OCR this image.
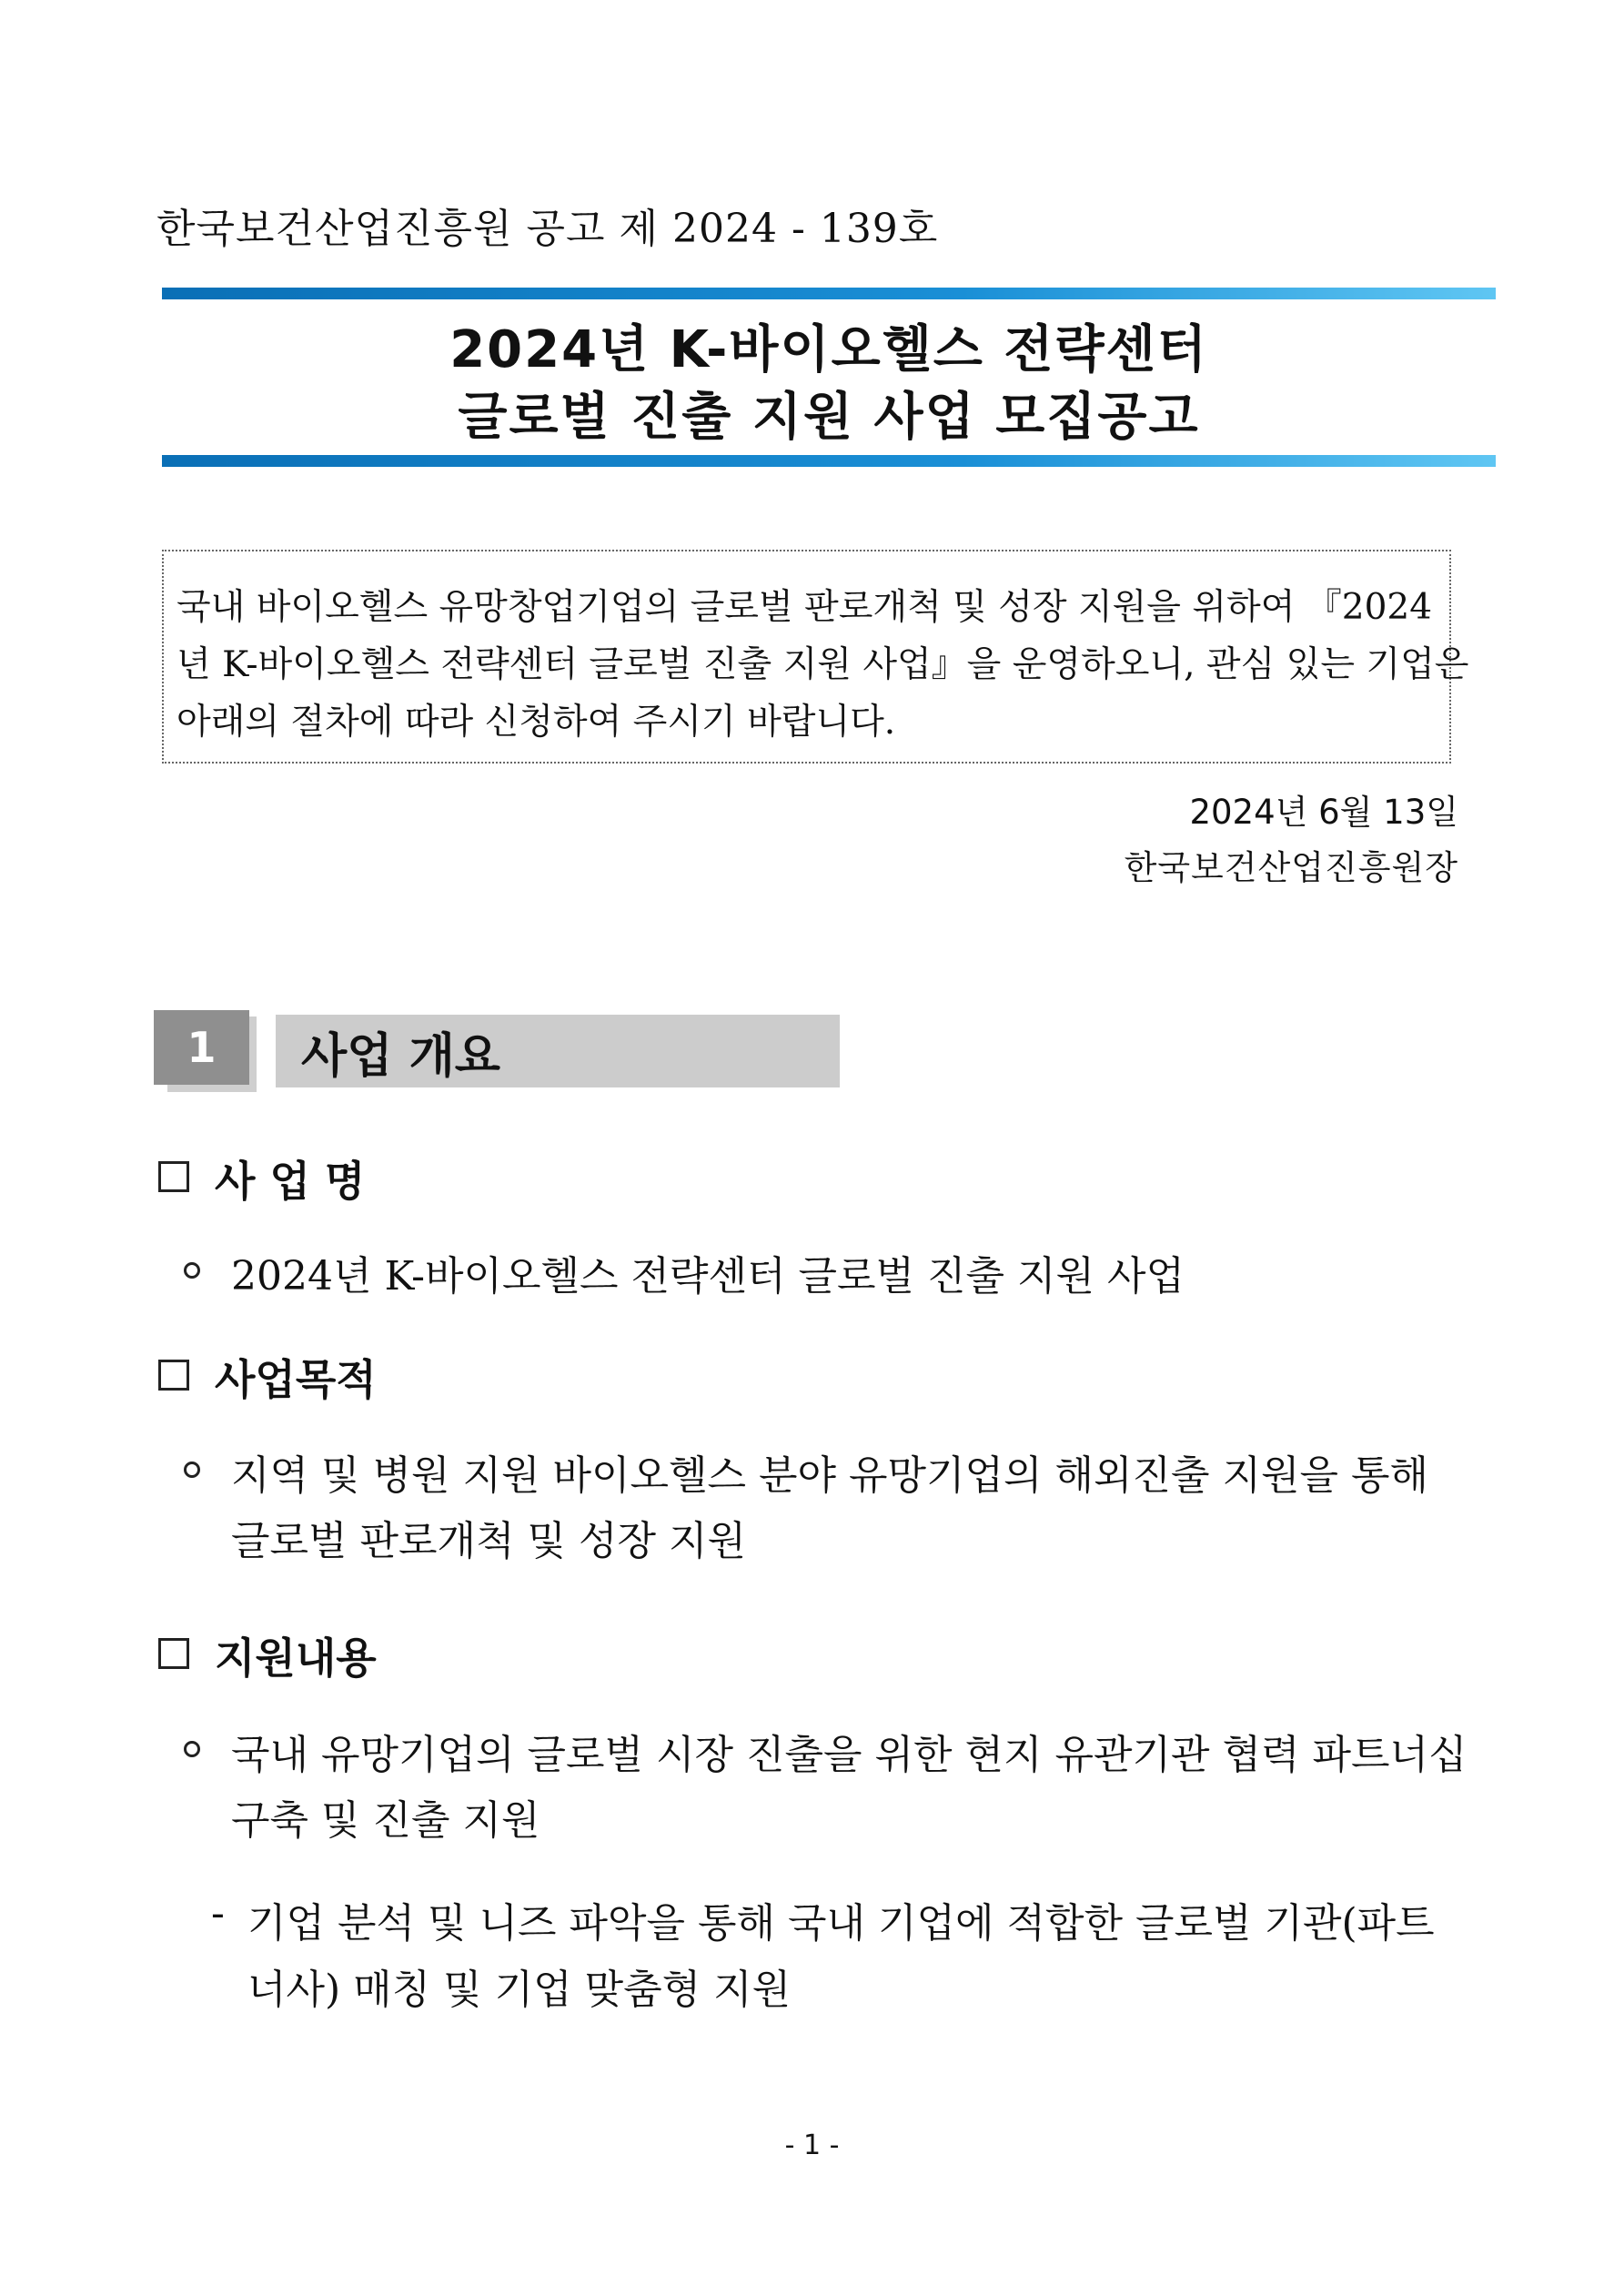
한국보건산업진흥원 공고 제 2024 - 139호
2024년 K-바이오헬스 전략센터
글로벌 진출 지원 사업 모집공고
국내 바이오헬스 유망창업기업의 글로벌 판로개척 및 성장 지원을 위하여 『2024
년 K-바이오헬스 전략센터 글로벌 진출 지원 사업』을 운영하오니, 관심 있는 기업은
아래의 절차에 따라 신청하여 주시기 바랍니다.
2024년 6월 13일
한국보건산업진흥원장
1	사업 개요
사 업 명
2024년 K-바이오헬스 전략센터 글로벌 진출 지원 사업
사업목적
지역 및 병원 지원 바이오헬스 분야 유망기업의 해외진출 지원을 통해
글로벌 판로개척 및 성장 지원
지원내용
국내 유망기업의 글로벌 시장 진출을 위한 현지 유관기관 협력 파트너십
구축 및 진출 지원
- 기업 분석 및 니즈 파악을 통해 국내 기업에 적합한 글로벌 기관(파트
너사) 매칭 및 기업 맞춤형 지원
- 1 -
